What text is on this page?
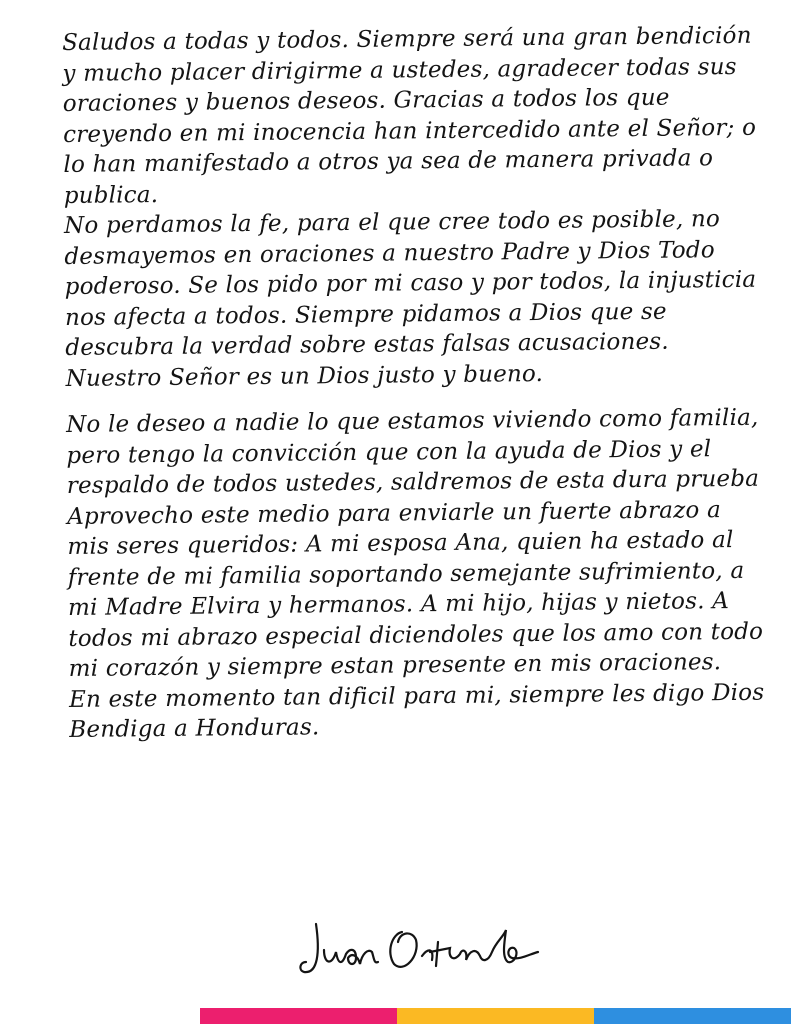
Saludos a todas y todos. Siempre será una gran bendición y mucho placer dirigirme a ustedes, agradecer todas sus oraciones y buenos deseos. Gracias a todos los que creyendo en mi inocencia han intercedido ante el Señor; o lo han manifestado a otros ya sea de manera privada o publica.

No perdamos la fe, para el que cree todo es posible, no desmayemos en oraciones a nuestro Padre y Dios Todo poderoso. Se los pido por mi caso y por todos, la injusticia nos afecta a todos. Siempre pidamos a Dios que se descubra la verdad sobre estas falsas acusaciones. Nuestro Señor es un Dios justo y bueno.

No le deseo a nadie lo que estamos viviendo como familia, pero tengo la convicción que con la ayuda de Dios y el respaldo de todos ustedes, saldremos de esta dura prueba

Aprovecho este medio para enviarle un fuerte abrazo a mis seres queridos: A mi esposa Ana, quien ha estado al frente de mi familia soportando semejante sufrimiento, a mi Madre Elvira y hermanos. A mi hijo, hijas y nietos. A todos mi abrazo especial diciendoles que los amo con todo mi corazón y siempre estan presente en mis oraciones.

En este momento tan dificil para mi, siempre les digo Dios Bendiga a Honduras.
